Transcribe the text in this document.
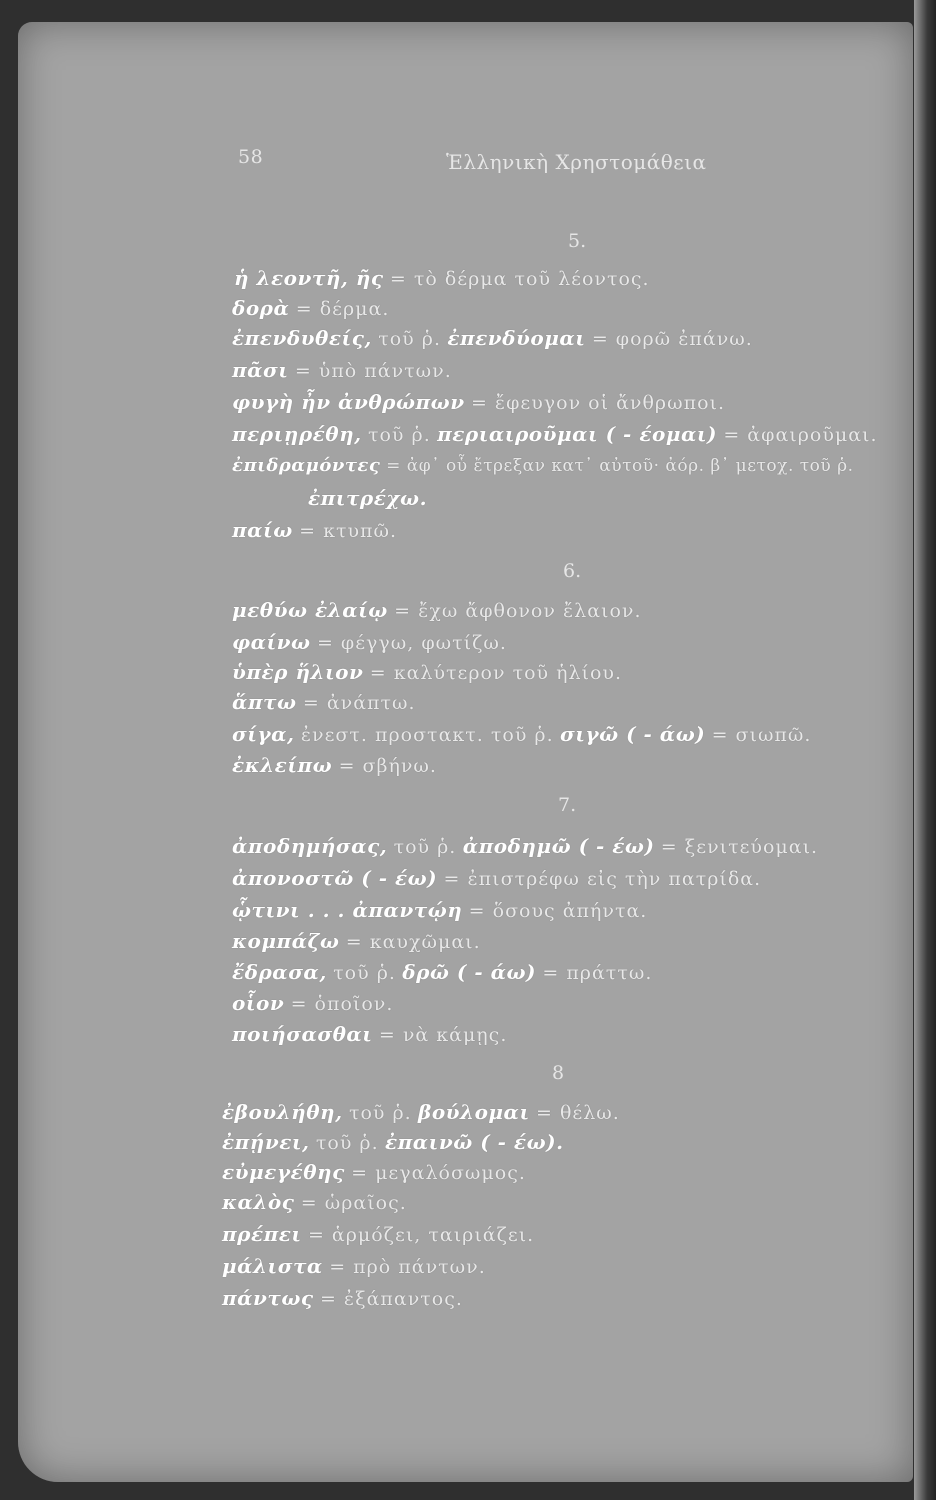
58	Ἑλληνικὴ Χρηστομάθεια
5.
ἡ λεοντῆ, ῆς = τὸ δέρμα τοῦ λέοντος.
δορὰ = δέρμα.
ἐπενδυθείς, τοῦ ῥ. ἐπενδύομαι = φορῶ ἐπάνω.
πᾶσι = ὑπὸ πάντων.
φυγὴ ἦν ἀνθρώπων = ἔφευγον οἱ ἄνθρωποι.
περιῃρέθη, τοῦ ῥ. περιαιροῦμαι ( - έομαι) = ἀφαιροῦμαι.
ἐπιδραμόντες = ἀφ᾽ οὗ ἔτρεξαν κατ᾽ αὐτοῦ· ἀόρ. β᾽ μετοχ. τοῦ ῥ.
ἐπιτρέχω.
παίω = κτυπῶ.
6.
μεθύω ἐλαίῳ = ἔχω ἄφθονον ἔλαιον.
φαίνω = φέγγω, φωτίζω.
ὑπὲρ ἥλιον = καλύτερον τοῦ ἡλίου.
ἅπτω = ἀνάπτω.
σίγα, ἐνεστ. προστακτ. τοῦ ῥ. σιγῶ ( - άω) = σιωπῶ.
ἐκλείπω = σβήνω.
7.
ἀποδημήσας, τοῦ ῥ. ἀποδημῶ ( - έω) = ξενιτεύομαι.
ἀπονοστῶ ( - έω) = ἐπιστρέφω εἰς τὴν πατρίδα.
ᾧτινι . . . ἀπαντῴη = ὅσους ἀπήντα.
κομπάζω = καυχῶμαι.
ἔδρασα, τοῦ ῥ. δρῶ ( - άω) = πράττω.
οἷον = ὁποῖον.
ποιήσασθαι = νὰ κάμῃς.
8
ἐβουλήθη, τοῦ ῥ. βούλομαι = θέλω.
ἐπῄνει, τοῦ ῥ. ἐπαινῶ ( - έω).
εὐμεγέθης = μεγαλόσωμος.
καλὸς = ὡραῖος.
πρέπει = ἁρμόζει, ταιριάζει.
μάλιστα = πρὸ πάντων.
πάντως = ἐξάπαντος.
